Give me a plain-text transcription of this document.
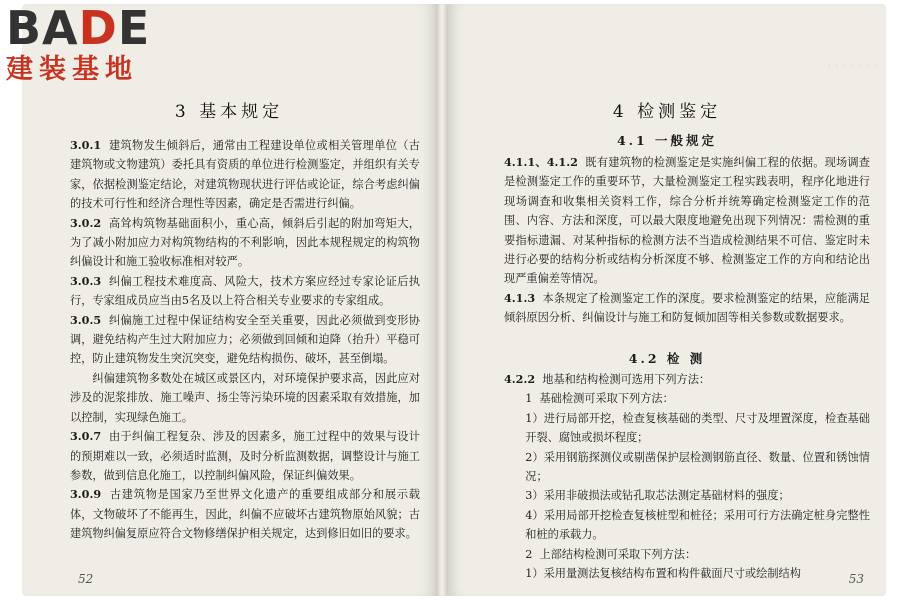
3 基本规定

3.0.1 建筑物发生倾斜后，通常由工程建设单位或相关管理单位（古建筑物或文物建筑）委托具有资质的单位进行检测鉴定，并组织有关专家，依据检测鉴定结论，对建筑物现状进行评估或论证，综合考虑纠偏的技术可行性和经济合理性等因素，确定是否需进行纠偏。

3.0.2 高耸构筑物基础面积小，重心高，倾斜后引起的附加弯矩大，为了减小附加应力对构筑物结构的不利影响，因此本规程规定的构筑物纠偏设计和施工验收标准相对较严。

3.0.3 纠偏工程技术难度高、风险大，技术方案应经过专家论证后执行，专家组成员应当由5名及以上符合相关专业要求的专家组成。

3.0.5 纠偏施工过程中保证结构安全至关重要，因此必须做到变形协调，避免结构产生过大附加应力；必须做到回倾和迫降（抬升）平稳可控，防止建筑物发生突沉突变，避免结构损伤、破坏，甚至倒塌。

纠偏建筑物多数处在城区或景区内，对环境保护要求高，因此应对涉及的泥浆排放、施工噪声、扬尘等污染环境的因素采取有效措施，加以控制，实现绿色施工。

3.0.7 由于纠偏工程复杂、涉及的因素多，施工过程中的效果与设计的预期难以一致，必须适时监测，及时分析监测数据，调整设计与施工参数，做到信息化施工，以控制纠偏风险，保证纠偏效果。

3.0.9 古建筑物是国家乃至世界文化遗产的重要组成部分和展示载体，文物破坏了不能再生，因此，纠偏不应破坏古建筑物原始风貌；古建筑物纠偏复原应符合文物修缮保护相关规定，达到修旧如旧的要求。

52
· · · · · · ·
4 检测鉴定
4.1 一般规定

4.1.1、4.1.2 既有建筑物的检测鉴定是实施纠偏工程的依据。现场调查是检测鉴定工作的重要环节，大量检测鉴定工程实践表明，程序化地进行现场调查和收集相关资料工作，综合分析并统筹确定检测鉴定工作的范围、内容、方法和深度，可以最大限度地避免出现下列情况：需检测的重要指标遗漏、对某种指标的检测方法不当造成检测结果不可信、鉴定时未进行必要的结构分析或结构分析深度不够、检测鉴定工作的方向和结论出现严重偏差等情况。

4.1.3 本条规定了检测鉴定工作的深度。要求检测鉴定的结果，应能满足倾斜原因分析、纠偏设计与施工和防复倾加固等相关参数或数据要求。

4.2 检 测

4.2.2 地基和结构检测可选用下列方法：

1 基础检测可采取下列方法：

1）进行局部开挖，检查复核基础的类型、尺寸及埋置深度，检查基础开裂、腐蚀或损坏程度；

2）采用钢筋探测仪或剔凿保护层检测钢筋直径、数量、位置和锈蚀情况；

3）采用非破损法或钻孔取芯法测定基础材料的强度；

4）采用局部开挖检查复核桩型和桩径；采用可行方法确定桩身完整性和桩的承载力。

2 上部结构检测可采取下列方法：

1）采用量测法复核结构布置和构件截面尺寸或绘制结构	53
BADE
建装基地
